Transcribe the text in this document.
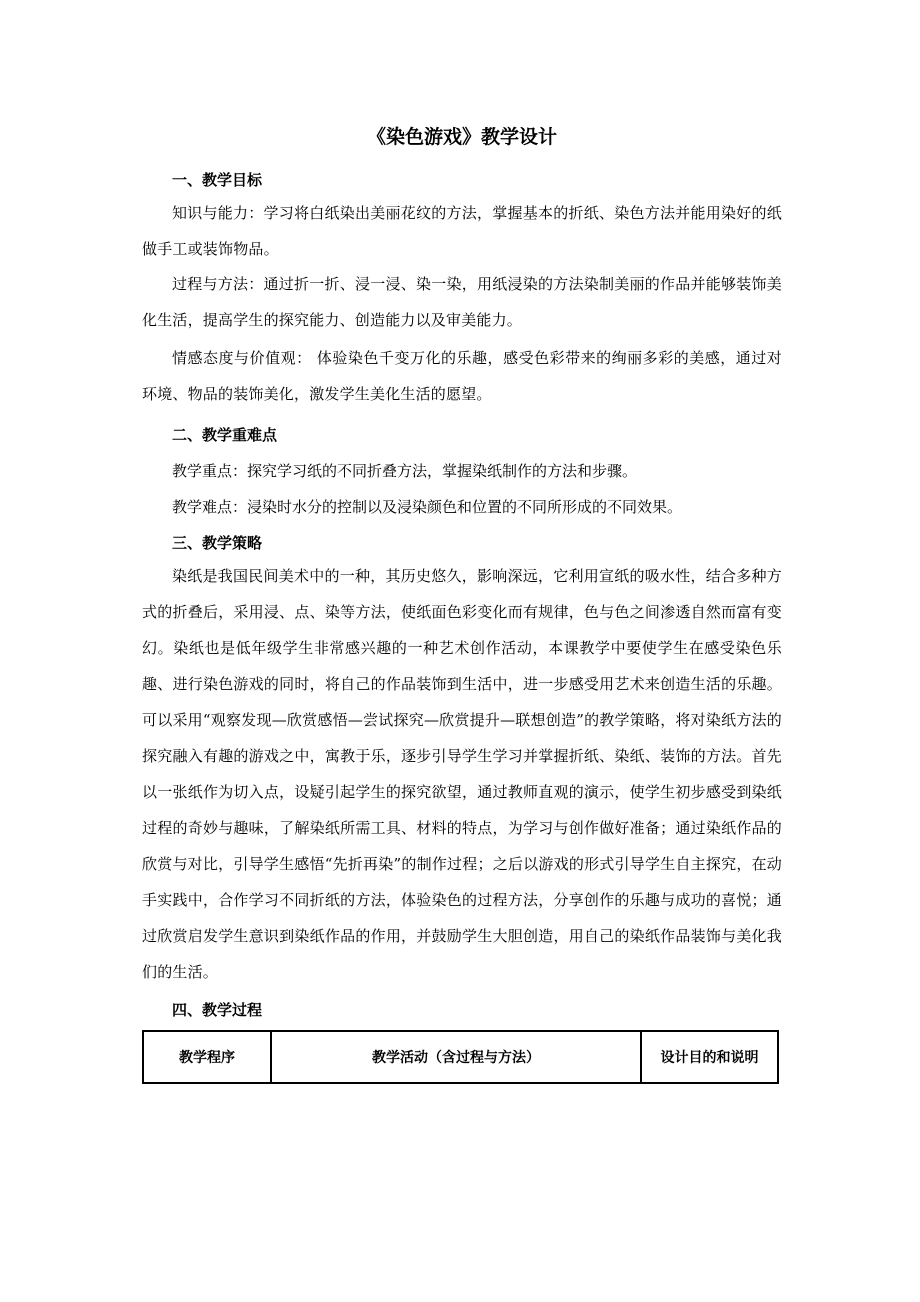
《染色游戏》教学设计
一、教学目标
知识与能力：学习将白纸染出美丽花纹的方法，掌握基本的折纸、染色方法并能用染好的纸做手工或装饰物品。
过程与方法：通过折一折、浸一浸、染一染，用纸浸染的方法染制美丽的作品并能够装饰美化生活，提高学生的探究能力、创造能力以及审美能力。
情感态度与价值观： 体验染色千变万化的乐趣，感受色彩带来的绚丽多彩的美感，通过对环境、物品的装饰美化，激发学生美化生活的愿望。
二、教学重难点
教学重点：探究学习纸的不同折叠方法，掌握染纸制作的方法和步骤。
教学难点：浸染时水分的控制以及浸染颜色和位置的不同所形成的不同效果。
三、教学策略
染纸是我国民间美术中的一种，其历史悠久，影响深远，它利用宣纸的吸水性，结合多种方式的折叠后，采用浸、点、染等方法，使纸面色彩变化而有规律，色与色之间渗透自然而富有变幻。染纸也是低年级学生非常感兴趣的一种艺术创作活动，本课教学中要使学生在感受染色乐趣、进行染色游戏的同时，将自己的作品装饰到生活中，进一步感受用艺术来创造生活的乐趣。可以采用“观察发现—欣赏感悟—尝试探究—欣赏提升—联想创造”的教学策略，将对染纸方法的探究融入有趣的游戏之中，寓教于乐，逐步引导学生学习并掌握折纸、染纸、装饰的方法。首先以一张纸作为切入点，设疑引起学生的探究欲望，通过教师直观的演示，使学生初步感受到染纸过程的奇妙与趣味，了解染纸所需工具、材料的特点，为学习与创作做好准备；通过染纸作品的欣赏与对比，引导学生感悟“先折再染”的制作过程；之后以游戏的形式引导学生自主探究，在动手实践中，合作学习不同折纸的方法，体验染色的过程方法，分享创作的乐趣与成功的喜悦；通过欣赏启发学生意识到染纸作品的作用，并鼓励学生大胆创造，用自己的染纸作品装饰与美化我们的生活。
四、教学过程
教学程序	教学活动（含过程与方法）	设计目的和说明
